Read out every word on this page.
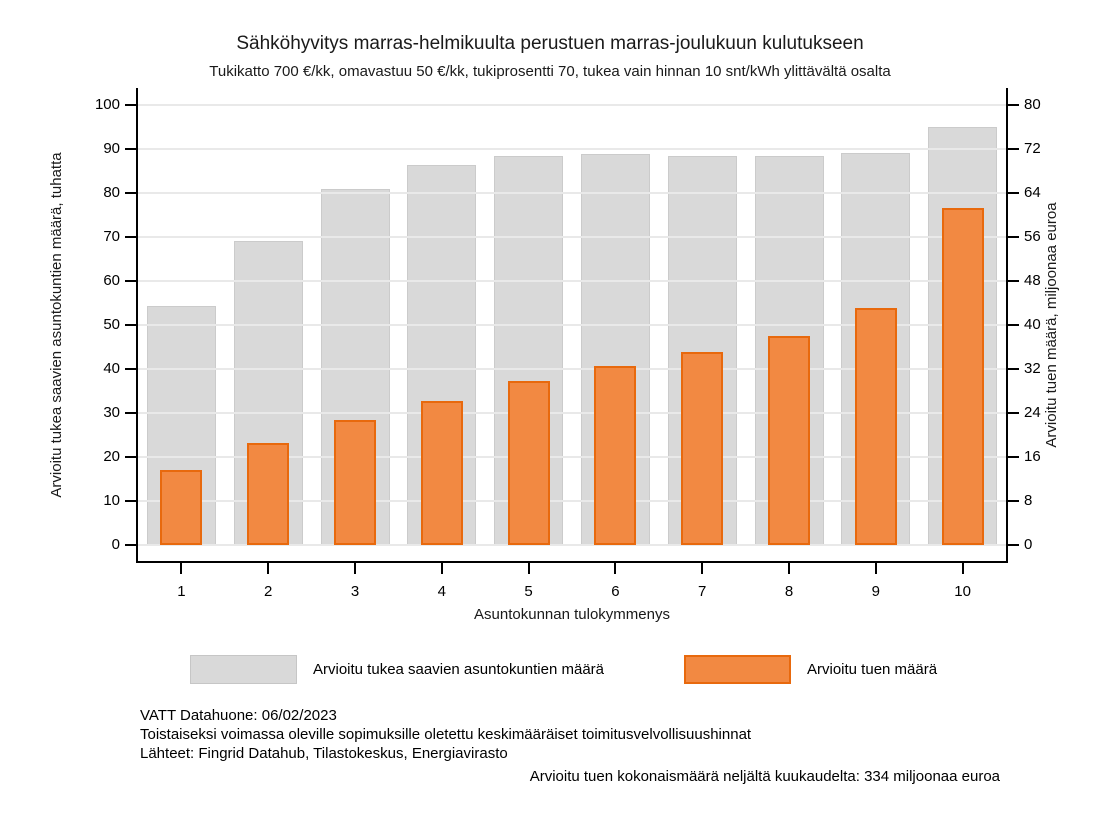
Sähköhyvitys marras-helmikuulta perustuen marras-joulukuun kulutukseen
Tukikatto 700 €/kk, omavastuu 50 €/kk, tukiprosentti 70, tukea vain hinnan 10 snt/kWh ylittävältä osalta
Arvioitu tukea saavien asuntokuntien määrä, tuhatta	Arvioitu tuen määrä, miljoonaa euroa
Asuntokunnan tulokymmenys
Arvioitu tukea saavien asuntokuntien määrä	Arvioitu tuen määrä
VATT Datahuone: 06/02/2023
Toistaiseksi voimassa oleville sopimuksille oletettu keskimääräiset toimitusvelvollisuushinnat
Lähteet: Fingrid Datahub, Tilastokeskus, Energiavirasto
Arvioitu tuen kokonaismäärä neljältä kuukaudelta: 334 miljoonaa euroa
0
10
20
30
40
50
60
70
80
90
100
0
8
16
24
32
40
48
56
64
72
80
1	2	3	4	5	6	7	8	9	10
